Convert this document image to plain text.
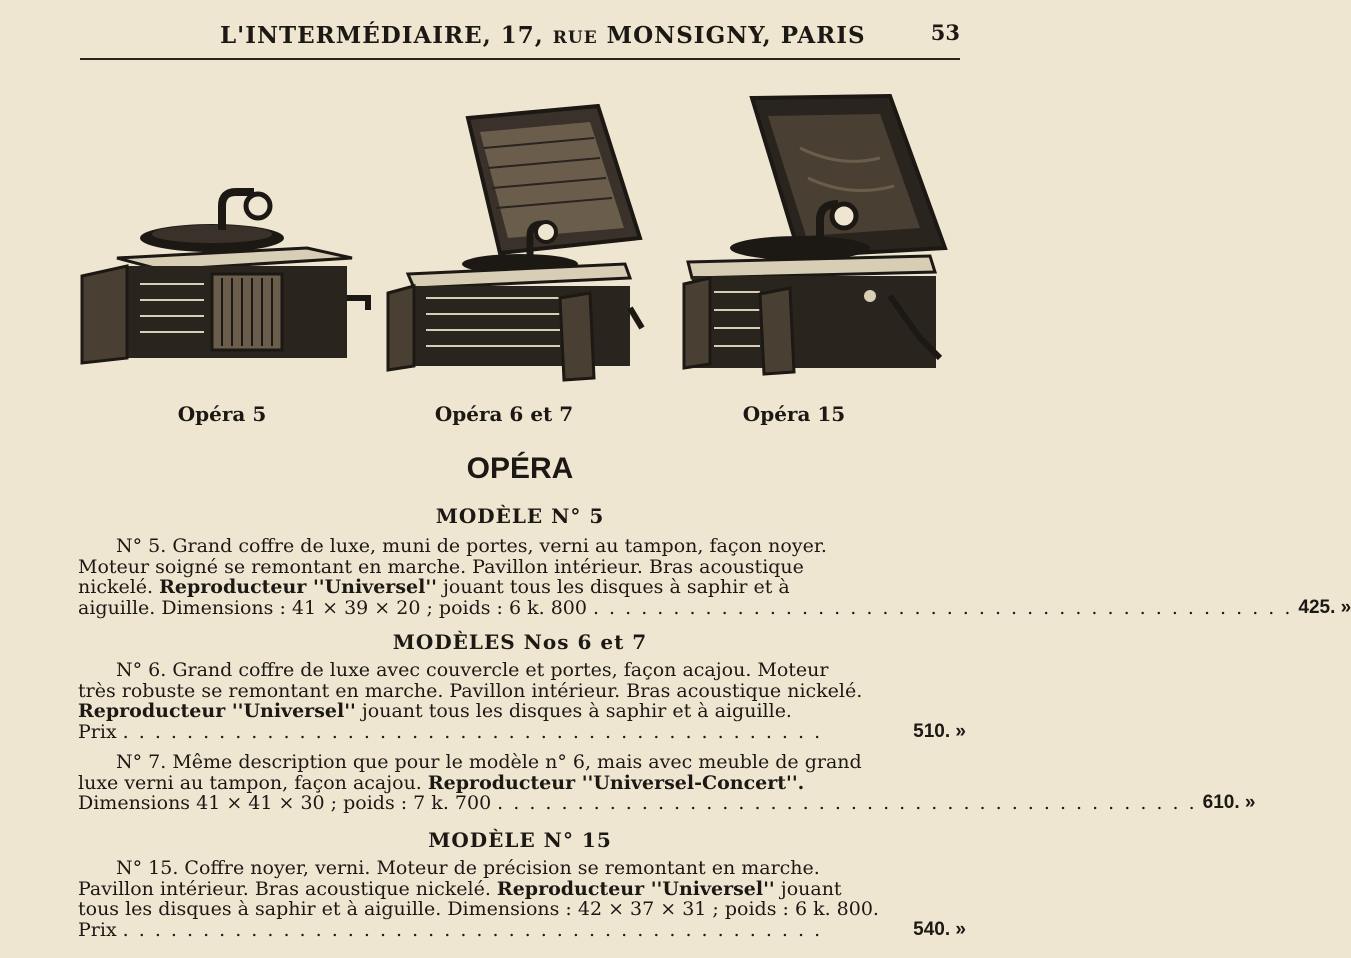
L'INTERMÉDIAIRE, 17, RUE MONSIGNY, PARIS	53
Opéra 5	Opéra 6 et 7	Opéra 15
OPÉRA
MODÈLE N° 5
N° 5. Grand coffre de luxe, muni de portes, verni au tampon, façon noyer.
Moteur soigné se remontant en marche. Pavillon intérieur. Bras acoustique
nickelé. Reproducteur ''Universel'' jouant tous les disques à saphir et à
aiguille. Dimensions : 41 × 39 × 20 ; poids : 6 k. 800 . . . . . . . . . . . . . . . . . . . . . . . . . . . . . . . . . . . . . . . . . . . . 425. »
MODÈLES Nos 6 et 7
N° 6. Grand coffre de luxe avec couvercle et portes, façon acajou. Moteur
très robuste se remontant en marche. Pavillon intérieur. Bras acoustique nickelé.
Reproducteur ''Universel'' jouant tous les disques à saphir et à aiguille.
Prix . . . . . . . . . . . . . . . . . . . . . . . . . . . . . . . . . . . . . . . . . . . .	510. »
N° 7. Même description que pour le modèle n° 6, mais avec meuble de grand
luxe verni au tampon, façon acajou. Reproducteur ''Universel-Concert''.
Dimensions 41 × 41 × 30 ; poids : 7 k. 700 . . . . . . . . . . . . . . . . . . . . . . . . . . . . . . . . . . . . . . . . . . . . 610. »
MODÈLE N° 15
N° 15. Coffre noyer, verni. Moteur de précision se remontant en marche.
Pavillon intérieur. Bras acoustique nickelé. Reproducteur ''Universel'' jouant
tous les disques à saphir et à aiguille. Dimensions : 42 × 37 × 31 ; poids : 6 k. 800.
Prix . . . . . . . . . . . . . . . . . . . . . . . . . . . . . . . . . . . . . . . . . . . .	540. »
